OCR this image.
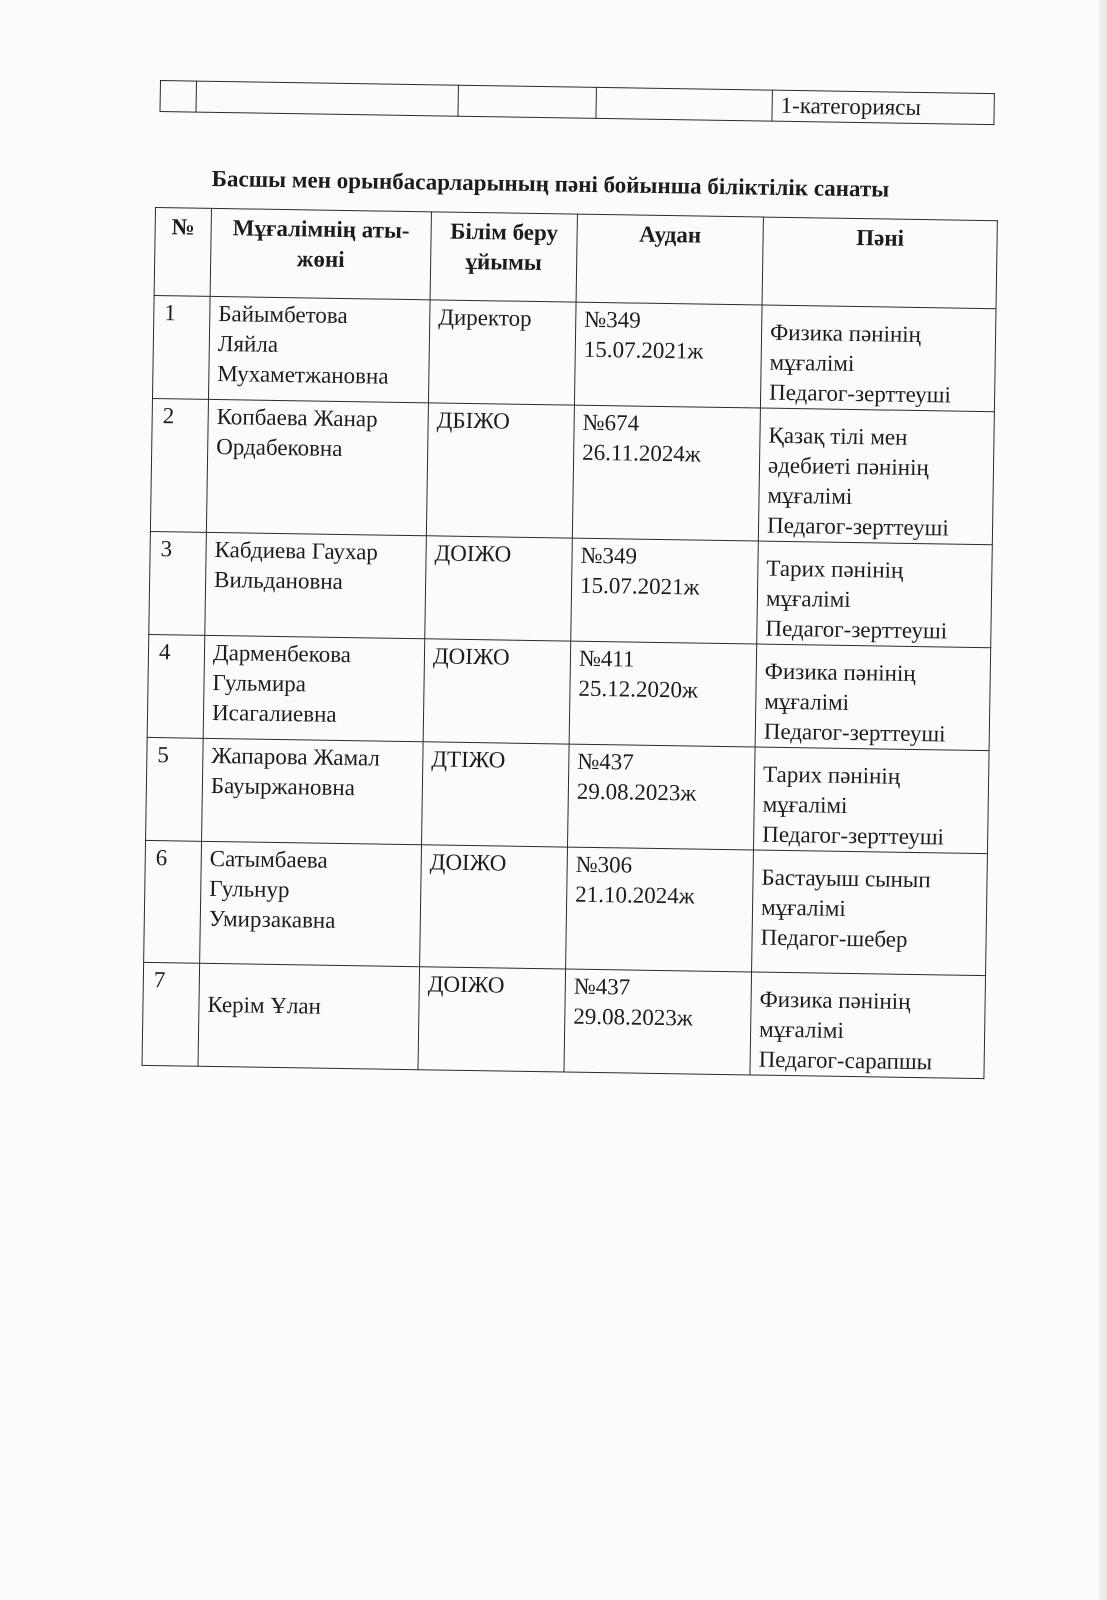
				1-категориясы
Басшы мен орынбасарларының пәні бойынша біліктілік санаты
№	Мұғалімнің аты-жөні	Білім беру ұйымы	Аудан	Пәні
1	Байымбетова
Ляйла
Мухаметжановна	Директор	№349
15.07.2021ж	Физика пәнінің
мұғалімі
Педагог-зерттеуші

2	Копбаева Жанар
Ордабековна	ДБІЖО	№674
26.11.2024ж	Қазақ тілі мен
әдебиеті пәнінің
мұғалімі
Педагог-зерттеуші

3	Кабдиева Гаухар
Вильдановна	ДОІЖО	№349
15.07.2021ж	Тарих пәнінің
мұғалімі
Педагог-зерттеуші

4	Дарменбекова
Гульмира
Исагалиевна	ДОІЖО	№411
25.12.2020ж	Физика пәнінің
мұғалімі
Педагог-зерттеуші

5	Жапарова Жамал
Бауыржановна	ДТІЖО	№437
29.08.2023ж	Тарих пәнінің
мұғалімі
Педагог-зерттеуші

6	Сатымбаева
Гульнур
Умирзакавна	ДОІЖО	№306
21.10.2024ж	Бастауыш сынып
мұғалімі
Педагог-шебер

7	Керім Ұлан	ДОІЖО	№437
29.08.2023ж	Физика пәнінің
мұғалімі
Педагог-сарапшы
